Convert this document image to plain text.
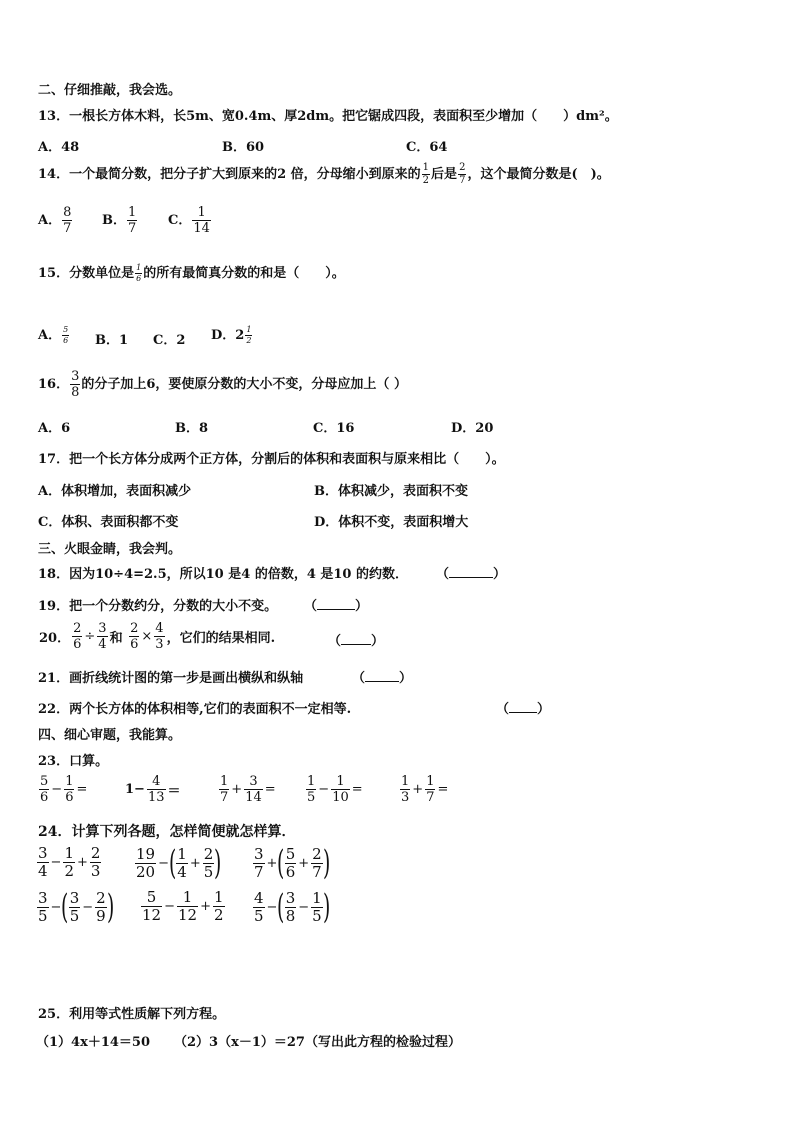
二、仔细推敲，我会选。
13．一根长方体木料，长5m、宽0.4m、厚2dm。把它锯成四段，表面积至少增加（　　）dm²。
A．48	B．60	C．64
14．一个最简分数，把分子扩大到原来的2 倍，分母缩小到原来的 $\frac{1}{2}$ 后是 $\frac{2}{7}$ ，这个最简分数是(　)。
A． $\frac{8}{7}$ B． $\frac{1}{7}$ C． $\frac{1}{14}$
15．分数单位是 $\frac{1}{6}$ 的所有最简真分数的和是（　　）。
A． $\frac{5}{6}$ B．1 C．2 D．$2 \frac{1}{2}$
16． $\frac{3}{8}$ 的分子加上6，要使原分数的大小不变，分母应加上（ ）
A．6	B．8	C．16	D．20
17．把一个长方体分成两个正方体，分割后的体积和表面积与原来相比（　　）。
A．体积增加，表面积减少	B．体积减少，表面积不变
C．体积、表面积都不变	D．体积不变，表面积增大
三、火眼金睛，我会判。
18．因为10÷4=2.5，所以10 是4 的倍数，4 是10 的约数． （	）
19．把一个分数约分，分数的大小不变。 （	）
20． $\frac{2}{6} \div \frac{3}{4}$ 和 $\frac{2}{6} \times \frac{4}{3}$ ，它们的结果相同.	（ ）
21．画折线统计图的第一步是画出横纵和纵轴	（	）
22．两个长方体的体积相等,它们的表面积不一定相等.	（ ）
四、细心审题，我能算。
23．口算。
$\frac{5}{6} - \frac{1}{6}$ =	$1- \frac{4}{13}$ ＝	$\frac{1}{7} + \frac{3}{14} = \frac{1}{5} - \frac{1}{10}$ =	$\frac{1}{3} + \frac{1}{7}$ =
24．计算下列各题，怎样简便就怎样算．
$\frac{3}{4} - \frac{1}{2} + \frac{2}{3} \frac{19}{20}$ −( $\frac{1}{4} + \frac{2}{5}$ ) $\frac{3}{7}$ +( $\frac{5}{6} + \frac{2}{7}$ )
$\frac{3}{5}$ −( $\frac{3}{5} - \frac{2}{9}$ ) $\frac{5}{12} - \frac{1}{12} + \frac{1}{2} \frac{4}{5}$ −( $\frac{3}{8} - \frac{1}{5}$ )
25．利用等式性质解下列方程。
（1）4x＋14＝50 （2）3（x－1）＝27（写出此方程的检验过程）
